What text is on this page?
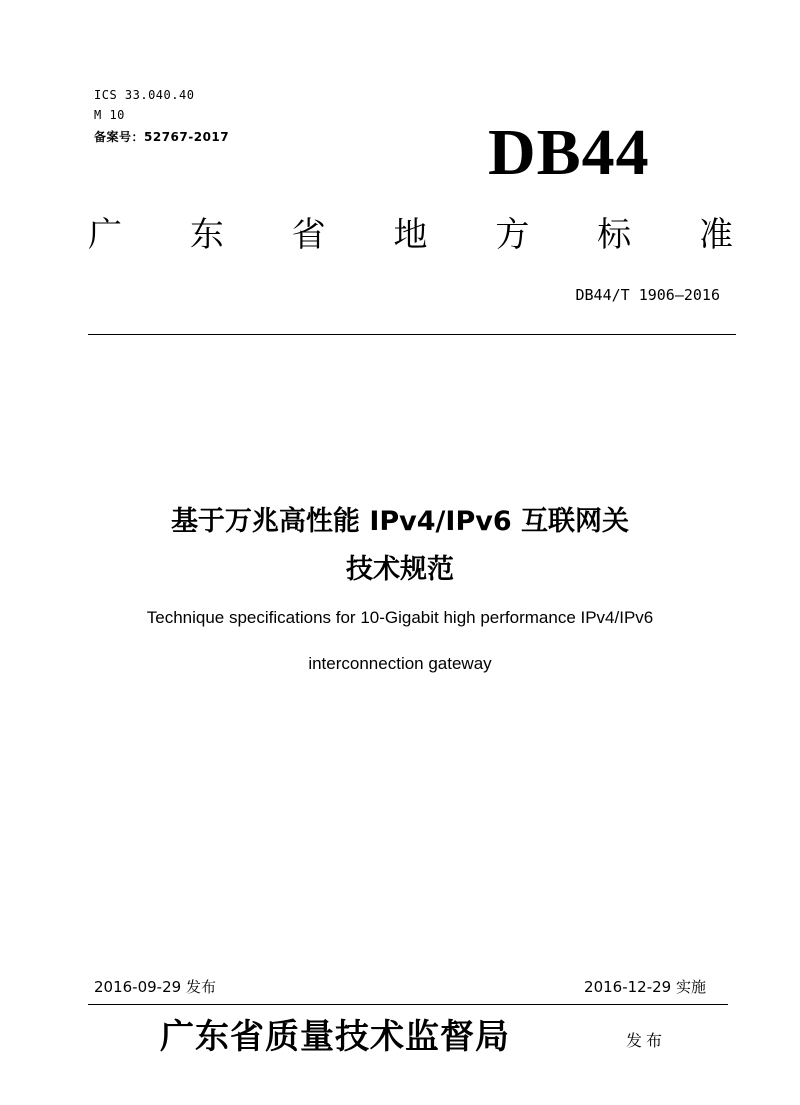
ICS 33.040.40
M 10
备案号：52767-2017	DB44
广 东 省 地 方 标 准
DB44/T 1906—2016
基于万兆高性能 IPv4/IPv6 互联网关
技术规范
Technique specifications for 10-Gigabit high performance IPv4/IPv6
interconnection gateway
2016-09-29 发布	2016-12-29 实施
广东省质量技术监督局	发布
